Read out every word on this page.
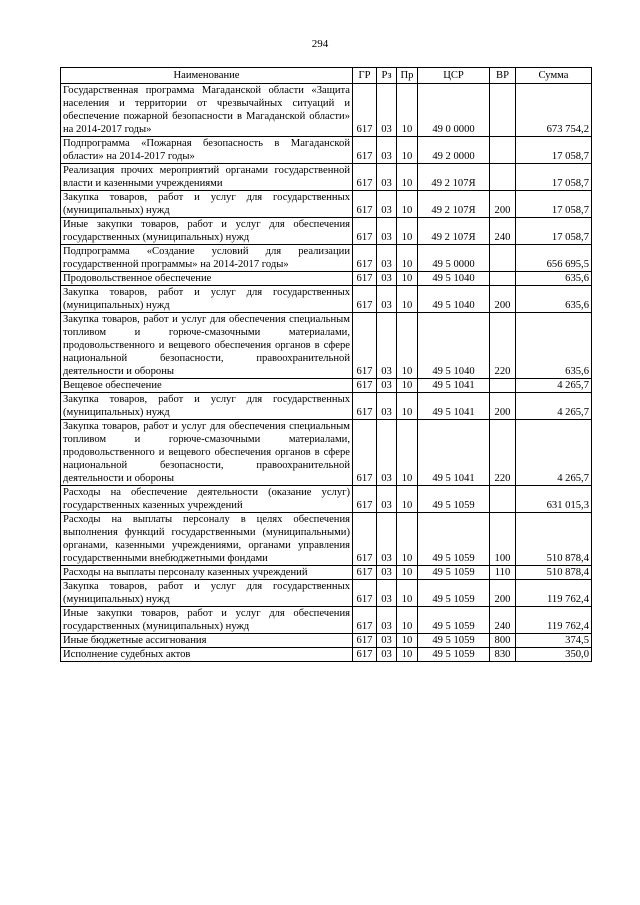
294
Наименование	ГР	Рз	Пр	ЦСР	ВР	Сумма
Государственная программа Магаданской области «Защита населения и территории от чрезвычайных ситуаций и обеспечение пожарной безопасности в Магаданской области» на 2014-2017 годы»	617	03	10	49 0 0000		673 754,2
Подпрограмма «Пожарная безопасность в Магаданской области» на 2014-2017 годы»	617	03	10	49 2 0000		17 058,7
Реализация прочих мероприятий органами государственной власти и казенными учреждениями	617	03	10	49 2 107Я		17 058,7
Закупка товаров, работ и услуг для государственных (муниципальных) нужд	617	03	10	49 2 107Я	200	17 058,7
Иные закупки товаров, работ и услуг для обеспечения государственных (муниципальных) нужд	617	03	10	49 2 107Я	240	17 058,7
Подпрограмма «Создание условий для реализации государственной программы» на 2014-2017 годы»	617	03	10	49 5 0000		656 695,5
Продовольственное обеспечение	617	03	10	49 5 1040		635,6
Закупка товаров, работ и услуг для государственных (муниципальных) нужд	617	03	10	49 5 1040	200	635,6
Закупка товаров, работ и услуг для обеспечения специальным топливом и горюче-смазочными материалами, продовольственного и вещевого обеспечения органов в сфере национальной безопасности, правоохранительной деятельности и обороны	617	03	10	49 5 1040	220	635,6
Вещевое обеспечение	617	03	10	49 5 1041		4 265,7
Закупка товаров, работ и услуг для государственных (муниципальных) нужд	617	03	10	49 5 1041	200	4 265,7
Закупка товаров, работ и услуг для обеспечения специальным топливом и горюче-смазочными материалами, продовольственного и вещевого обеспечения органов в сфере национальной безопасности, правоохранительной деятельности и обороны	617	03	10	49 5 1041	220	4 265,7
Расходы на обеспечение деятельности (оказание услуг) государственных казенных учреждений	617	03	10	49 5 1059		631 015,3
Расходы на выплаты персоналу в целях обеспечения выполнения функций государственными (муниципальными) органами, казенными учреждениями, органами управления государственными внебюджетными фондами	617	03	10	49 5 1059	100	510 878,4
Расходы на выплаты персоналу казенных учреждений	617	03	10	49 5 1059	110	510 878,4
Закупка товаров, работ и услуг для государственных (муниципальных) нужд	617	03	10	49 5 1059	200	119 762,4
Иные закупки товаров, работ и услуг для обеспечения государственных (муниципальных) нужд	617	03	10	49 5 1059	240	119 762,4
Иные бюджетные ассигнования	617	03	10	49 5 1059	800	374,5
Исполнение судебных актов	617	03	10	49 5 1059	830	350,0
